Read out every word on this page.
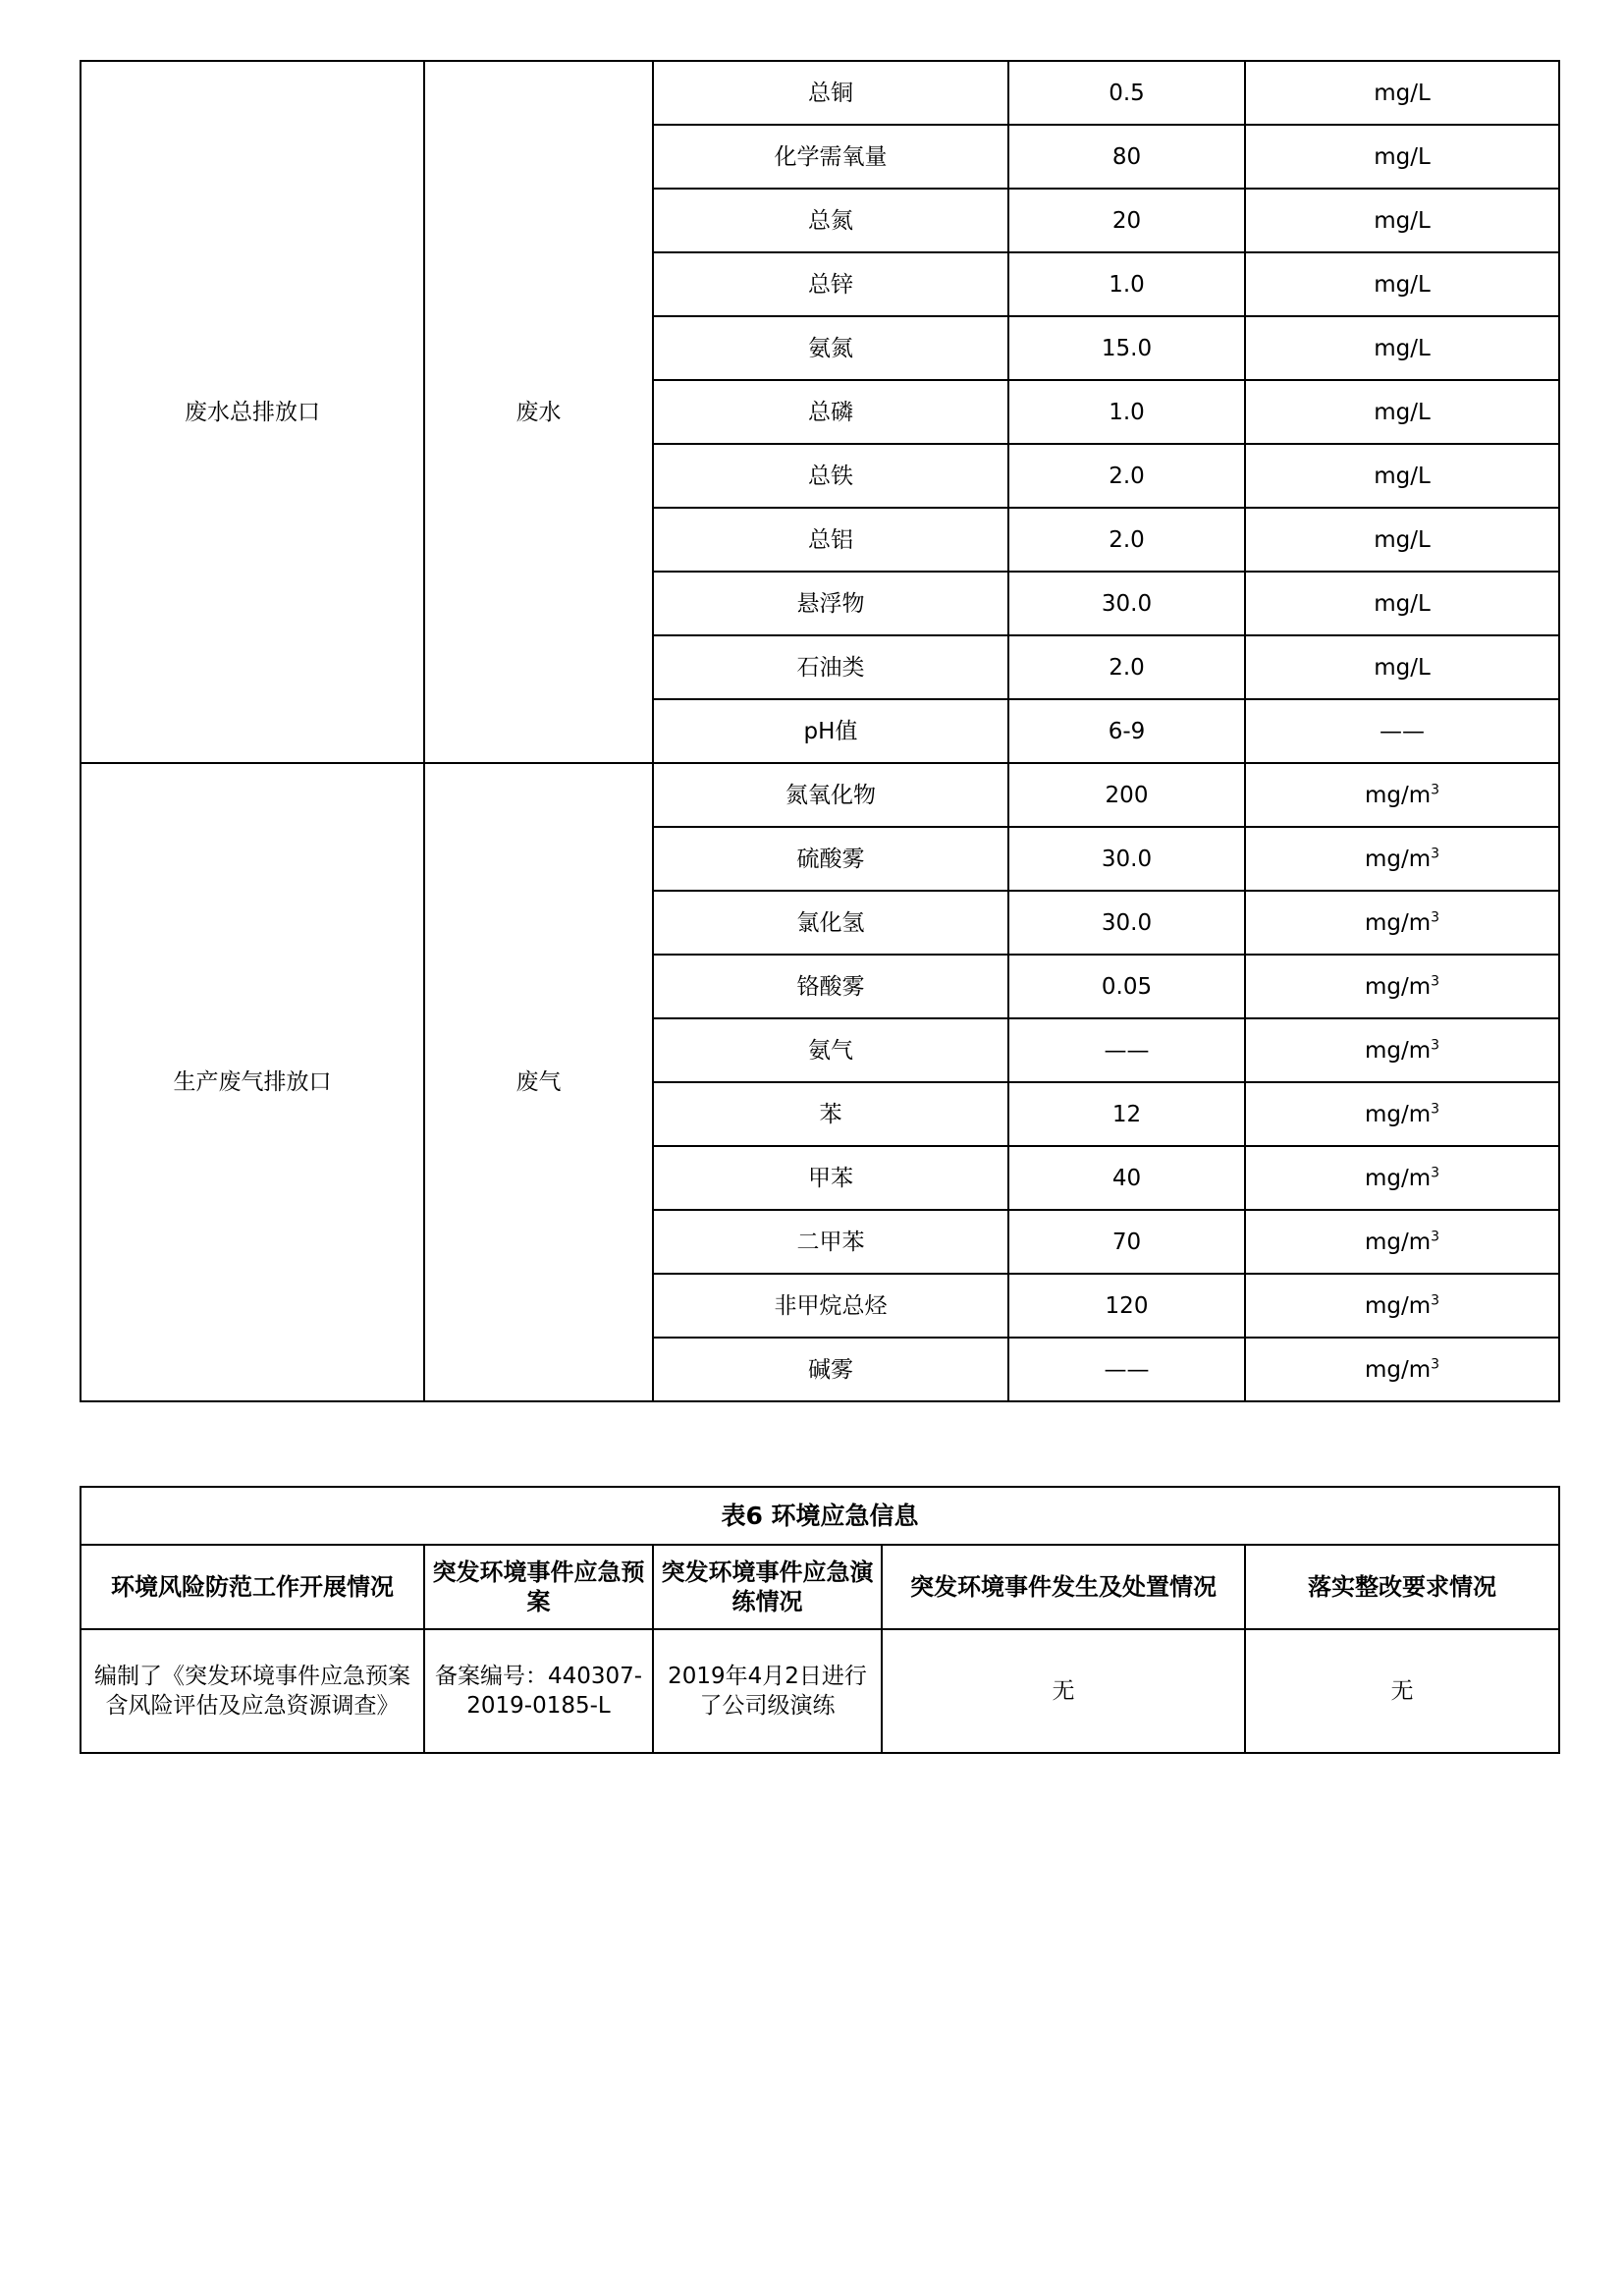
废水总排放口	废水	总铜	0.5	mg/L
		化学需氧量	80	mg/L
		总氮	20	mg/L
		总锌	1.0	mg/L
		氨氮	15.0	mg/L
		总磷	1.0	mg/L
		总铁	2.0	mg/L
		总铝	2.0	mg/L
		悬浮物	30.0	mg/L
		石油类	2.0	mg/L
		pH值	6-9	——
生产废气排放口	废气	氮氧化物	200	$mg/m^3$
		硫酸雾	30.0	$mg/m^3$
		氯化氢	30.0	$mg/m^3$
		铬酸雾	0.05	$mg/m^3$
		氨气	——	$mg/m^3$
		苯	12	$mg/m^3$
		甲苯	40	$mg/m^3$
		二甲苯	70	$mg/m^3$
		非甲烷总烃	120	$mg/m^3$
		碱雾	——	$mg/m^3$
表6 环境应急信息				
环境风险防范工作开展情况	突发环境事件应急预案	突发环境事件应急演练情况	突发环境事件发生及处置情况	落实整改要求情况
编制了《突发环境事件应急预案含风险评估及应急资源调查》	备案编号：440307-2019-0185-L	2019年4月2日进行了公司级演练	无	无
